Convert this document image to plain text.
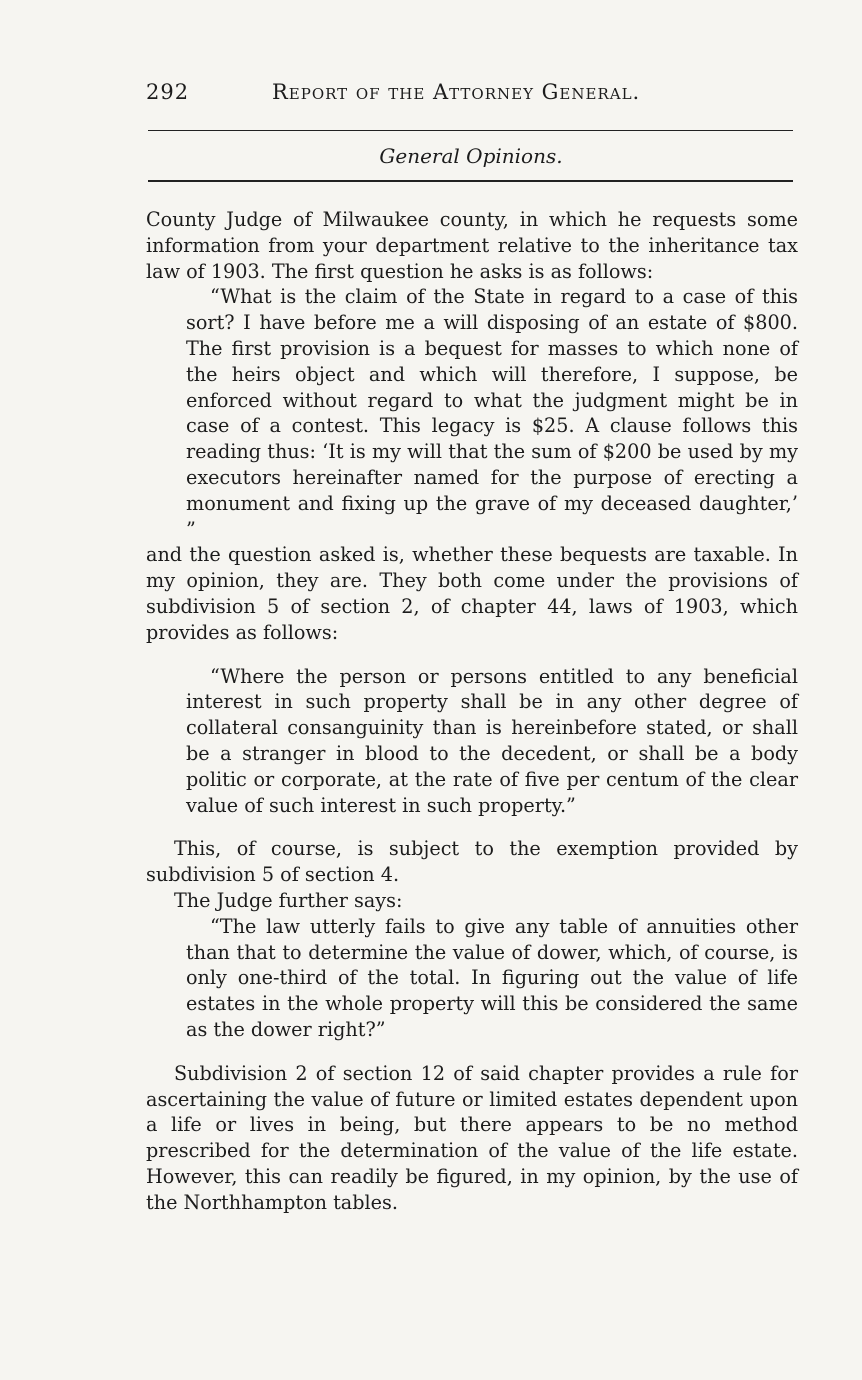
292	Report of the Attorney General.
General Opinions.

County Judge of Milwaukee county, in which he requests some information from your department relative to the inheritance tax law of 1903. The first question he asks is as follows:

“What is the claim of the State in regard to a case of this sort? I have before me a will disposing of an estate of $800. The first provision is a bequest for masses to which none of the heirs object and which will therefore, I suppose, be enforced without regard to what the judgment might be in case of a contest. This legacy is $25. A clause follows this reading thus: ‘It is my will that the sum of $200 be used by my executors hereinafter named for the purpose of erecting a monument and fixing up the grave of my deceased daughter,’ ”

and the question asked is, whether these bequests are taxable. In my opinion, they are. They both come under the provisions of subdivision 5 of section 2, of chapter 44, laws of 1903, which provides as follows:

“Where the person or persons entitled to any beneficial interest in such property shall be in any other degree of collateral consanguinity than is hereinbefore stated, or shall be a stranger in blood to the decedent, or shall be a body politic or corporate, at the rate of five per centum of the clear value of such interest in such property.”

This, of course, is subject to the exemption provided by subdivision 5 of section 4.

The Judge further says:

“The law utterly fails to give any table of annuities other than that to determine the value of dower, which, of course, is only one-third of the total. In figuring out the value of life estates in the whole property will this be considered the same as the dower right?”

Subdivision 2 of section 12 of said chapter provides a rule for ascertaining the value of future or limited estates dependent upon a life or lives in being, but there appears to be no method prescribed for the determination of the value of the life estate. However, this can readily be figured, in my opinion, by the use of the Northhampton tables.
